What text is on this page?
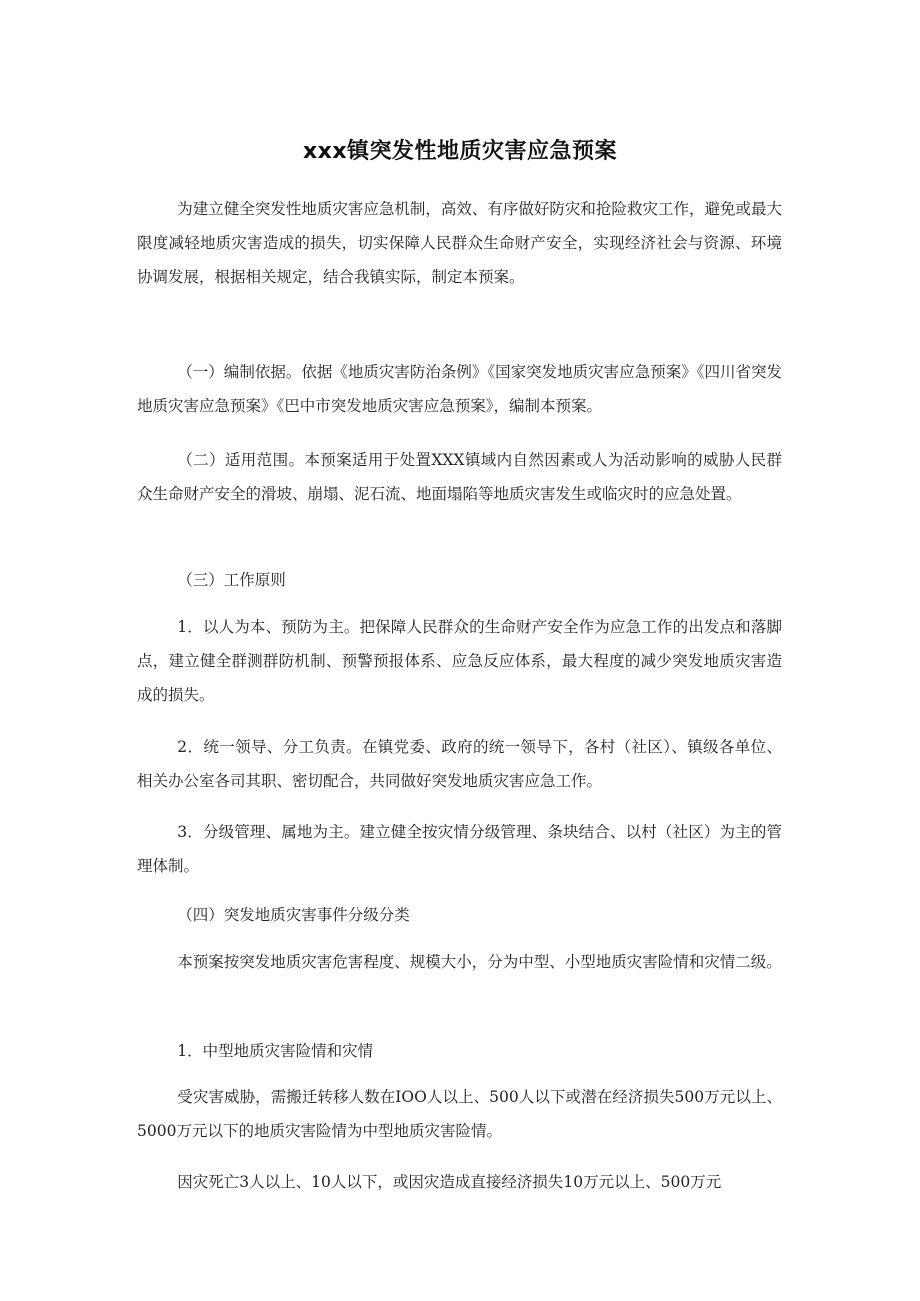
xxx镇突发性地质灾害应急预案

为建立健全突发性地质灾害应急机制，高效、有序做好防灾和抢险救灾工作，避免或最大限度减轻地质灾害造成的损失，切实保障人民群众生命财产安全，实现经济社会与资源、环境协调发展，根据相关规定，结合我镇实际，制定本预案。

（一）编制依据。依据《地质灾害防治条例》《国家突发地质灾害应急预案》《四川省突发地质灾害应急预案》《巴中市突发地质灾害应急预案》，编制本预案。

（二）适用范围。本预案适用于处置XXX镇域内自然因素或人为活动影响的威胁人民群众生命财产安全的滑坡、崩塌、泥石流、地面塌陷等地质灾害发生或临灾时的应急处置。

（三）工作原则

1．以人为本、预防为主。把保障人民群众的生命财产安全作为应急工作的出发点和落脚点，建立健全群测群防机制、预警预报体系、应急反应体系，最大程度的减少突发地质灾害造成的损失。

2．统一领导、分工负责。在镇党委、政府的统一领导下，各村（社区）、镇级各单位、相关办公室各司其职、密切配合，共同做好突发地质灾害应急工作。

3．分级管理、属地为主。建立健全按灾情分级管理、条块结合、以村（社区）为主的管理体制。

（四）突发地质灾害事件分级分类

本预案按突发地质灾害危害程度、规模大小，分为中型、小型地质灾害险情和灾情二级。

1．中型地质灾害险情和灾情

受灾害威胁，需搬迁转移人数在IOO人以上、500人以下或潜在经济损失500万元以上、5000万元以下的地质灾害险情为中型地质灾害险情。

因灾死亡3人以上、10人以下，或因灾造成直接经济损失10万元以上、500万元
